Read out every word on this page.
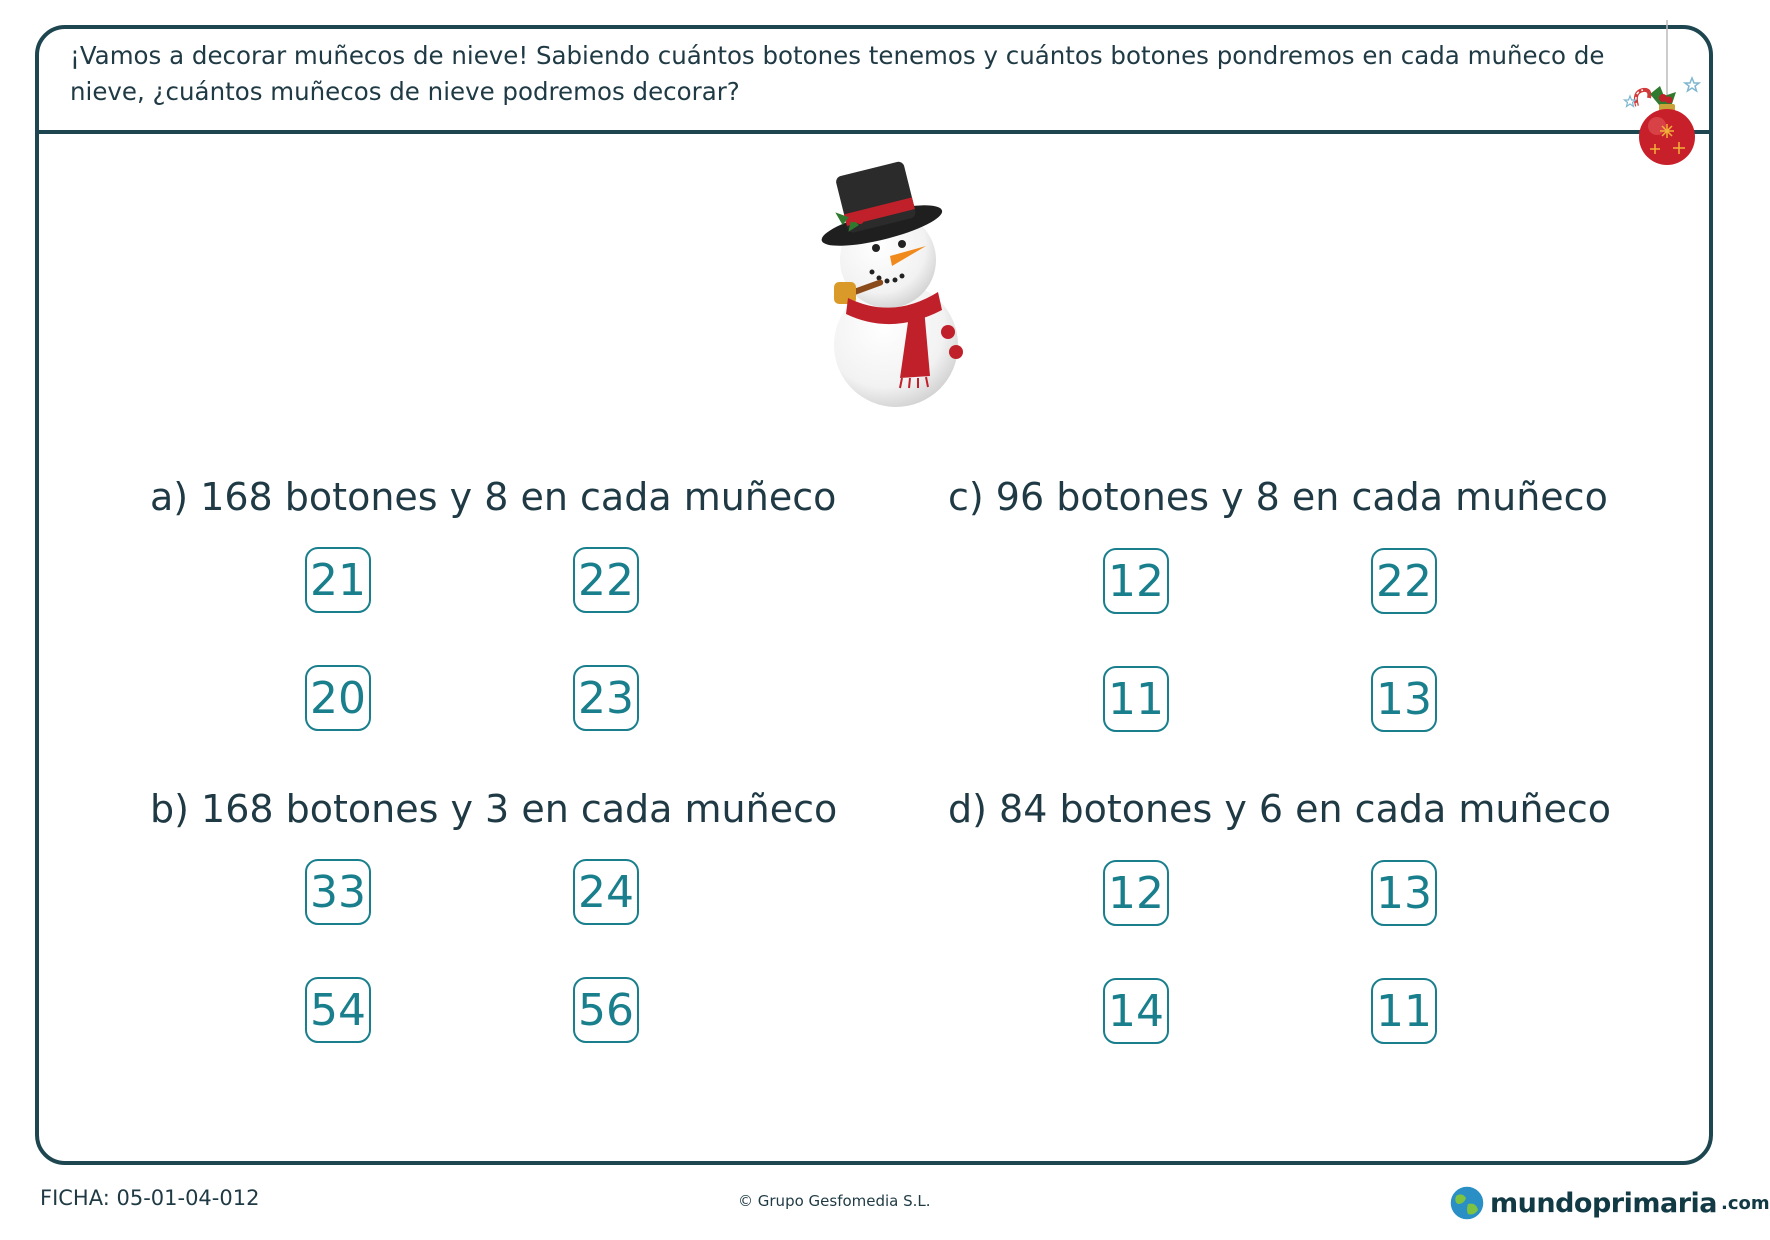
¡Vamos a decorar muñecos de nieve! Sabiendo cuántos botones tenemos y cuántos botones pondremos en cada muñeco de nieve, ¿cuántos muñecos de nieve podremos decorar?
a) 168 botones y 8 en cada muñeco
21	22
20	23
c) 96 botones y 8 en cada muñeco
12	22
11	13
b) 168 botones y 3 en cada muñeco
33	24
54	56
d) 84 botones y 6 en cada muñeco
12	13
14	11
FICHA: 05-01-04-012	© Grupo Gesfomedia S.L.	mundoprimaria .com
